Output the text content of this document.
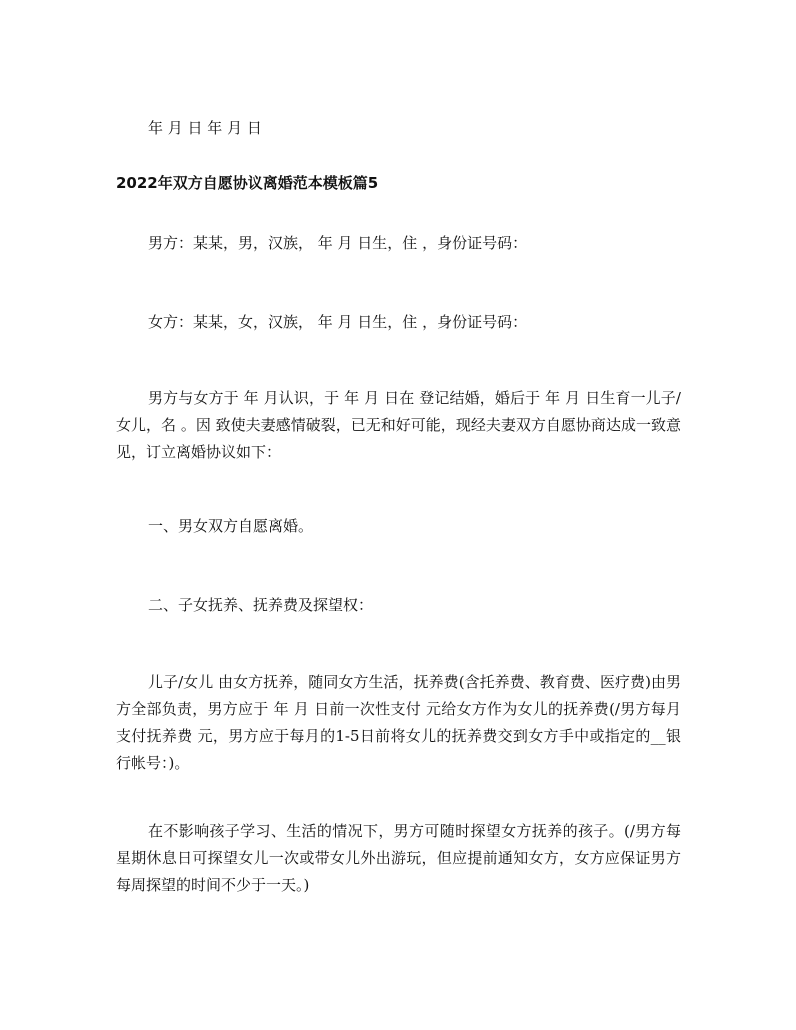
年 月 日 年 月 日
2022年双方自愿协议离婚范本模板篇5
男方：某某，男，汉族， 年 月 日生，住 ，身份证号码：
女方：某某，女，汉族， 年 月 日生，住 ，身份证号码：
男方与女方于 年 月认识，于 年 月 日在 登记结婚，婚后于 年 月 日生育一儿子/女儿，名 。因 致使夫妻感情破裂，已无和好可能，现经夫妻双方自愿协商达成一致意见，订立离婚协议如下：
一、男女双方自愿离婚。
二、子女抚养、抚养费及探望权：
儿子/女儿 由女方抚养，随同女方生活，抚养费(含托养费、教育费、医疗费)由男方全部负责，男方应于 年 月 日前一次性支付 元给女方作为女儿的抚养费(/男方每月支付抚养费 元，男方应于每月的1-5日前将女儿的抚养费交到女方手中或指定的__银行帐号：)。
在不影响孩子学习、生活的情况下，男方可随时探望女方抚养的孩子。(/男方每星期休息日可探望女儿一次或带女儿外出游玩，但应提前通知女方，女方应保证男方每周探望的时间不少于一天。)
